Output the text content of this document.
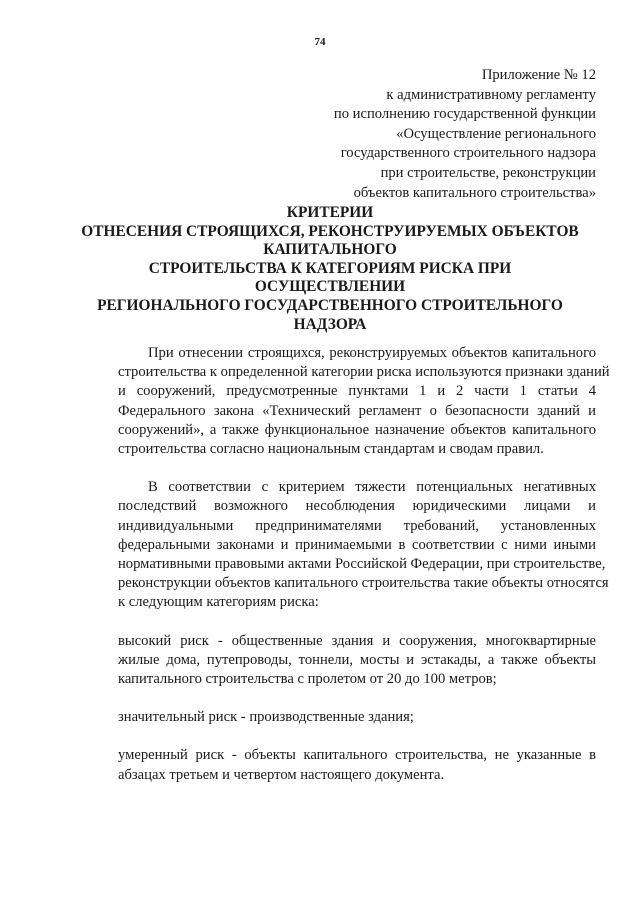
74
Приложение № 12
к административному регламенту
по исполнению государственной функции
«Осуществление регионального
государственного строительного надзора
при строительстве, реконструкции
объектов капитального строительства»
КРИТЕРИИ
ОТНЕСЕНИЯ СТРОЯЩИХСЯ, РЕКОНСТРУИРУЕМЫХ ОБЪЕКТОВ
КАПИТАЛЬНОГО
СТРОИТЕЛЬСТВА К КАТЕГОРИЯМ РИСКА ПРИ
ОСУЩЕСТВЛЕНИИ
РЕГИОНАЛЬНОГО ГОСУДАРСТВЕННОГО СТРОИТЕЛЬНОГО
НАДЗОРА
При отнесении строящихся, реконструируемых объектов капитального
строительства к определенной категории риска используются признаки зданий
и сооружений, предусмотренные пунктами 1 и 2 части 1 статьи 4
Федерального закона «Технический регламент о безопасности зданий и
сооружений», а также функциональное назначение объектов капитального
строительства согласно национальным стандартам и сводам правил.
В соответствии с критерием тяжести потенциальных негативных
последствий возможного несоблюдения юридическими лицами и
индивидуальными предпринимателями требований, установленных
федеральными законами и принимаемыми в соответствии с ними иными
нормативными правовыми актами Российской Федерации, при строительстве,
реконструкции объектов капитального строительства такие объекты относятся
к следующим категориям риска:
высокий риск - общественные здания и сооружения, многоквартирные
жилые дома, путепроводы, тоннели, мосты и эстакады, а также объекты
капитального строительства с пролетом от 20 до 100 метров;
значительный риск - производственные здания;
умеренный риск - объекты капитального строительства, не указанные в
абзацах третьем и четвертом настоящего документа.
